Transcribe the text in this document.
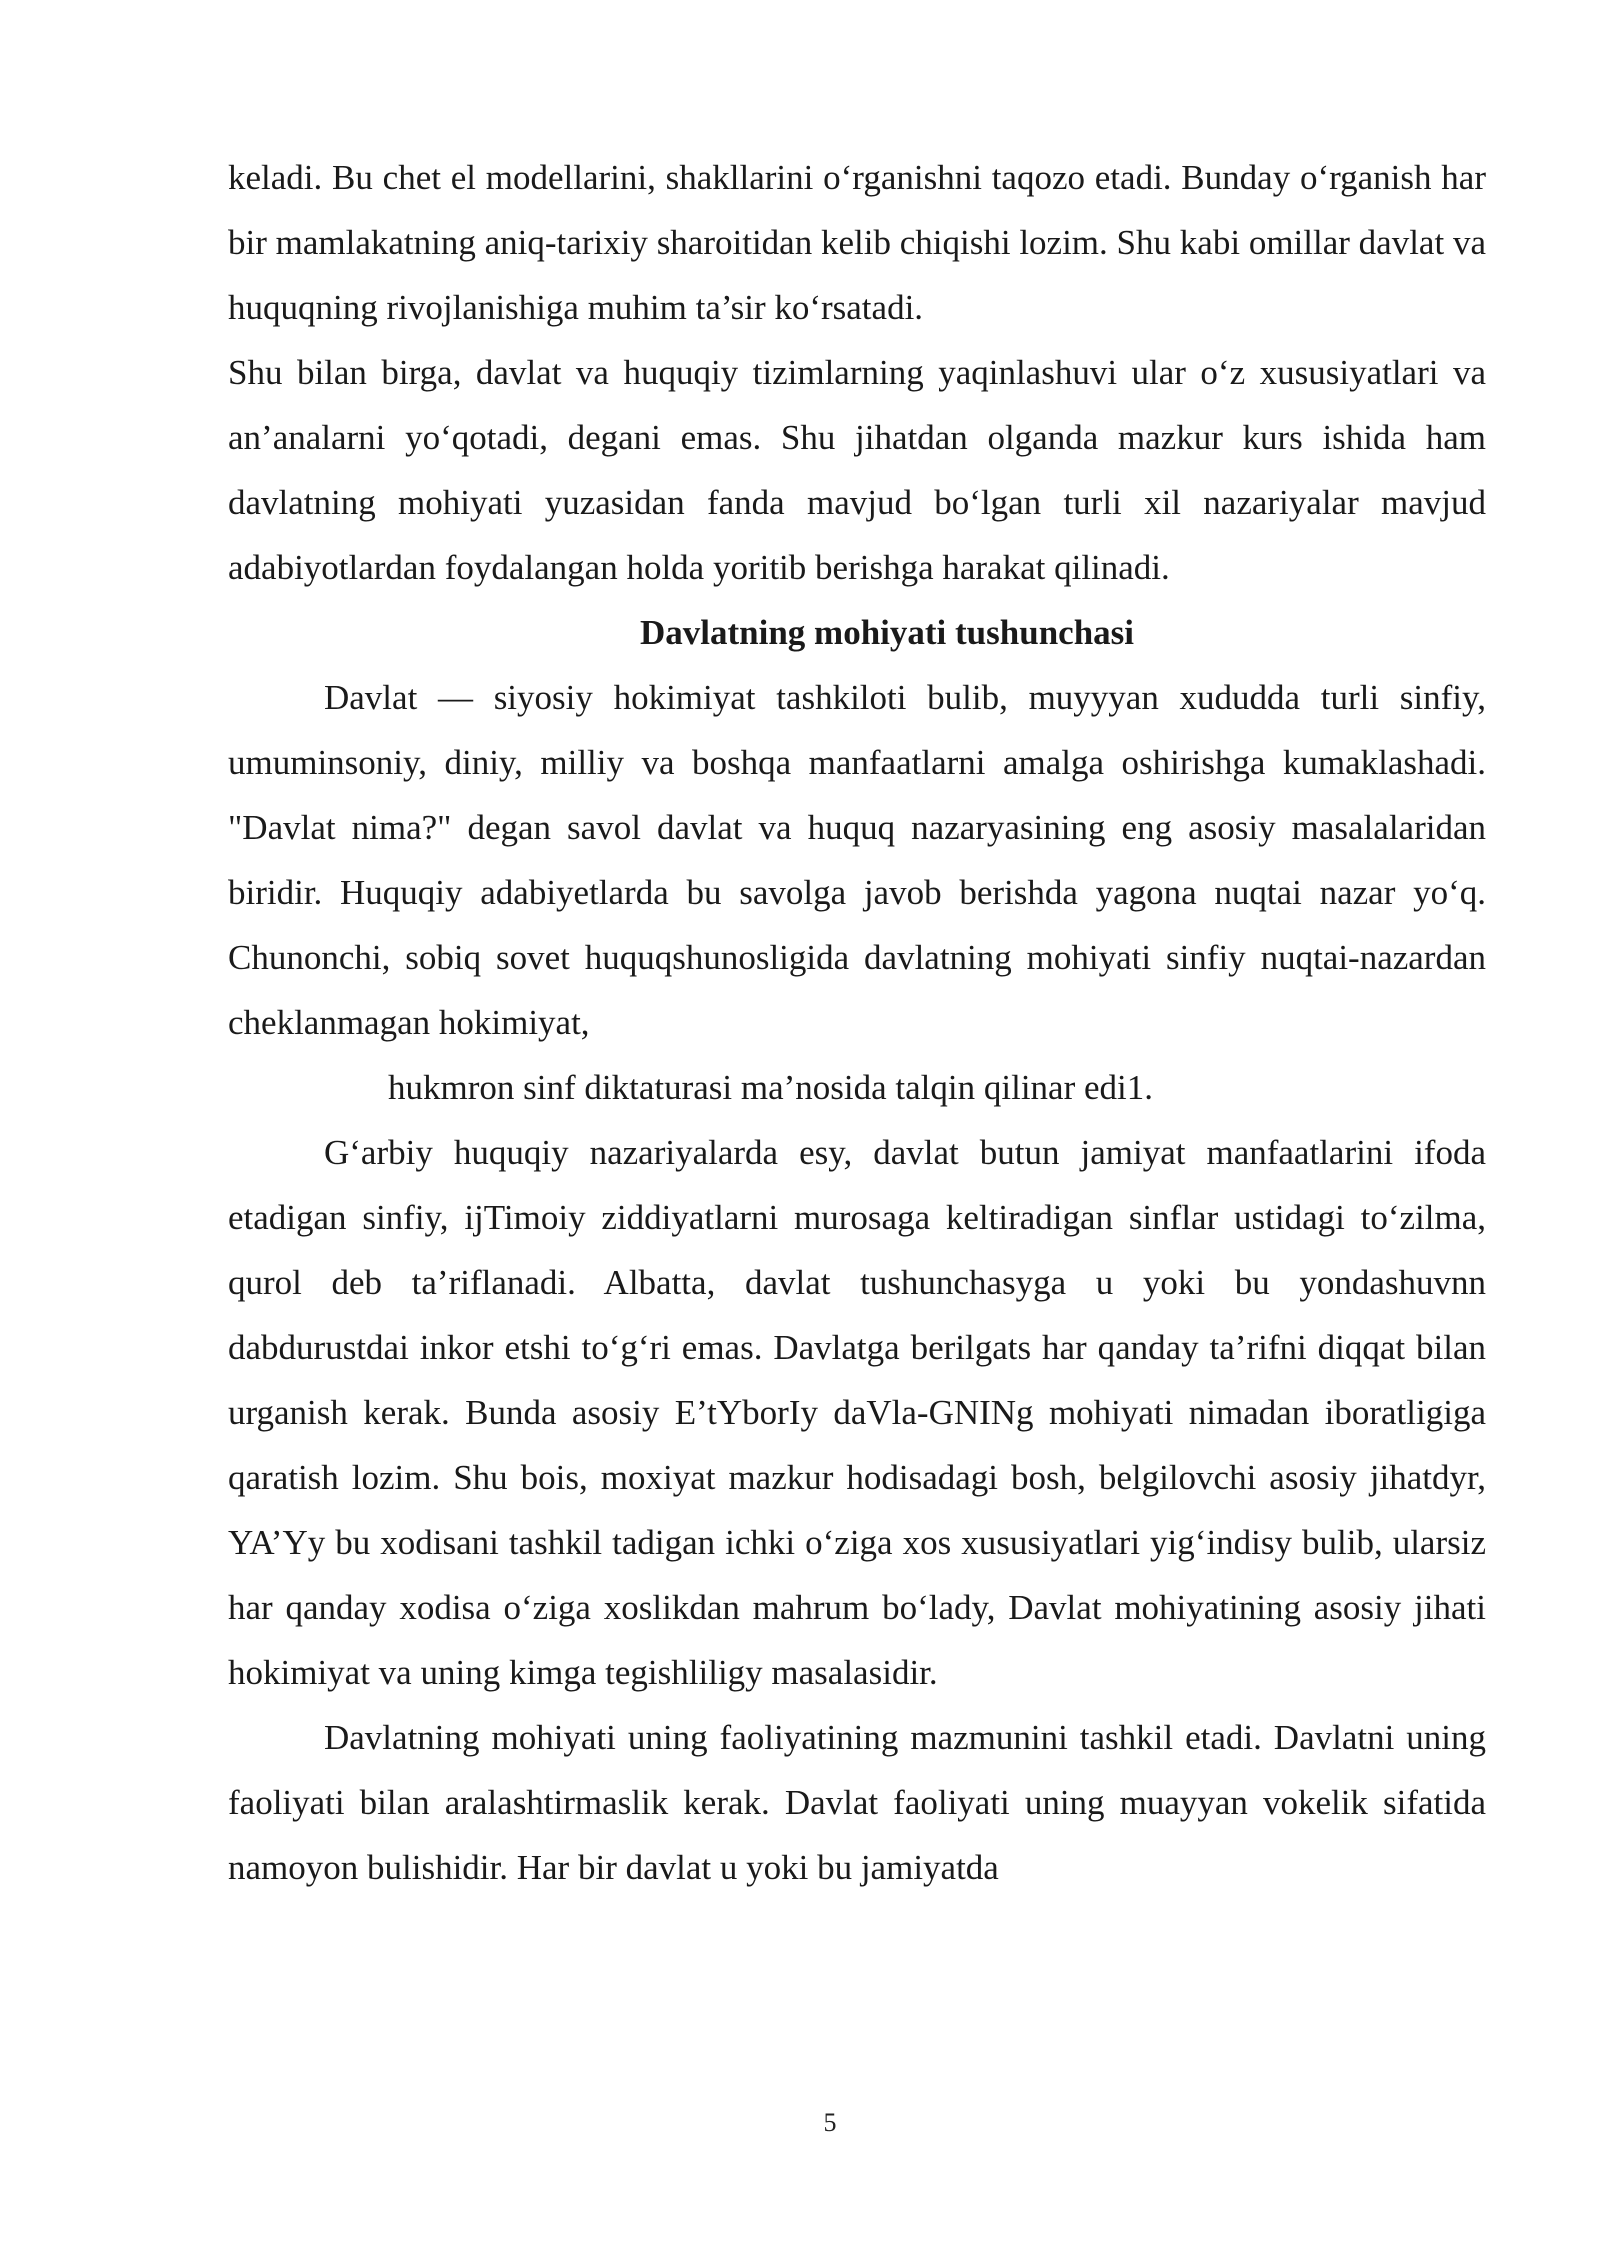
keladi. Bu chet el modellarini, shakllarini o‘rganishni taqozo etadi. Bunday o‘rganish har bir mamlakatning aniq-tarixiy sharoitidan kelib chiqishi lozim. Shu kabi omillar davlat va huquqning rivojlanishiga muhim ta’sir ko‘rsatadi.

Shu bilan birga, davlat va huquqiy tizimlarning yaqinlashuvi ular o‘z xususiyatlari va an’analarni yo‘qotadi, degani emas. Shu jihatdan olganda mazkur kurs ishida ham davlatning mohiyati yuzasidan fanda mavjud bo‘lgan turli xil nazariyalar mavjud adabiyotlardan foydalangan holda yoritib berishga harakat qilinadi.

Davlatning mohiyati tushunchasi

Davlat — siyosiy hokimiyat tashkiloti bulib, muyyyan xududda turli sinfiy, umuminsoniy, diniy, milliy va boshqa manfaatlarni amalga oshirishga kumaklashadi. "Davlat nima?" degan savol davlat va huquq nazaryasining eng asosiy masalalaridan biridir. Huquqiy adabiyetlarda bu savolga javob berishda yagona nuqtai nazar yo‘q. Chunonchi, sobiq sovet huquqshunosligida davlatning mohiyati sinfiy nuqtai-nazardan cheklanmagan hokimiyat,

hukmron sinf diktaturasi ma’nosida talqin qilinar edi1.

G‘arbiy huquqiy nazariyalarda esy, davlat butun jamiyat manfaatlarini ifoda etadigan sinfiy, ijTimoiy ziddiyatlarni murosaga keltiradigan sinflar ustidagi to‘zilma, qurol deb ta’riflanadi. Albatta, davlat tushunchasyga u yoki bu yondashuvnn dabdurustdai inkor etshi to‘g‘ri emas. Davlatga berilgats har qanday ta’rifni diqqat bilan urganish kerak. Bunda asosiy E’tYborIy daVla-GNINg mohiyati nimadan iboratligiga qaratish lozim. Shu bois, moxiyat mazkur hodisadagi bosh, belgilovchi asosiy jihatdyr, YA’Yy bu xodisani tashkil tadigan ichki o‘ziga xos xususiyatlari yig‘indisy bulib, ularsiz har qanday xodisa o‘ziga xoslikdan mahrum bo‘lady, Davlat mohiyatining asosiy jihati hokimiyat va uning kimga tegishliligy masalasidir.

Davlatning mohiyati uning faoliyatining mazmunini tashkil etadi. Davlatni uning faoliyati bilan aralashtirmaslik kerak. Davlat faoliyati uning muayyan vokelik sifatida namoyon bulishidir. Har bir davlat u yoki bu jamiyatda

5
